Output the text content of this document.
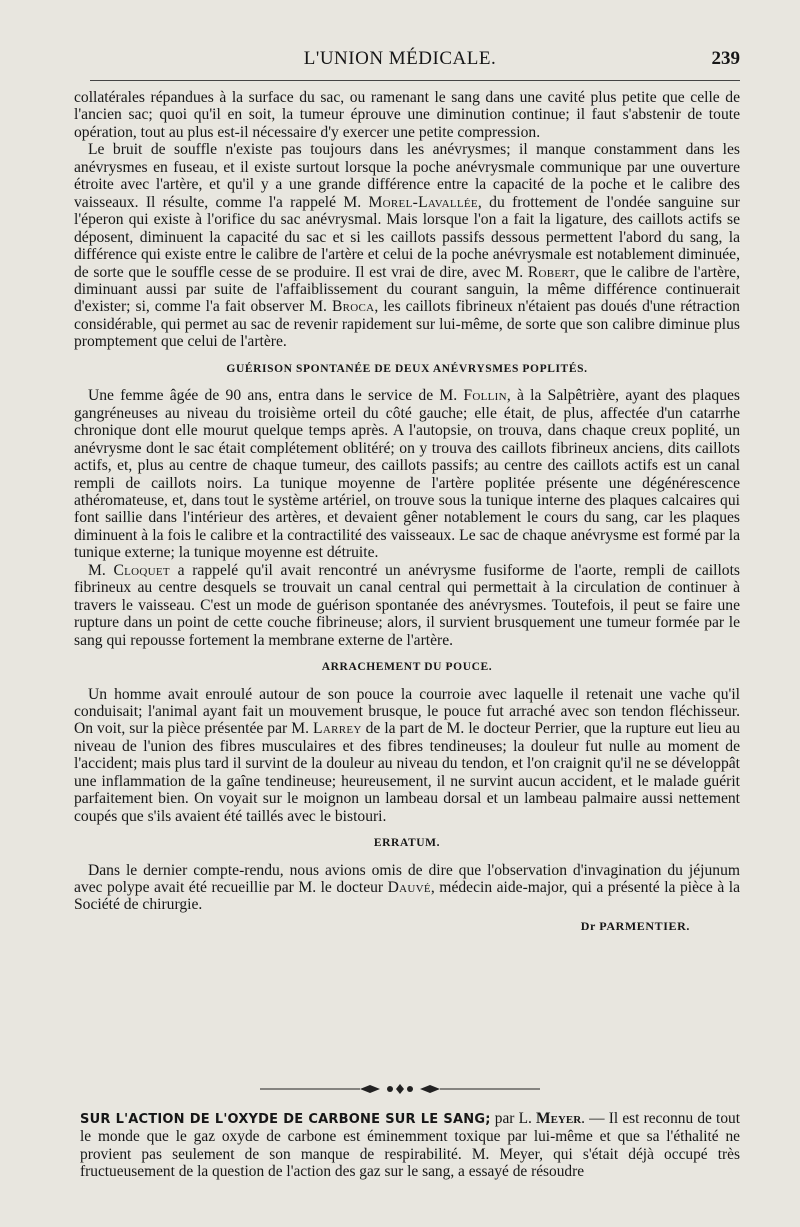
L'UNION MÉDICALE.	239

collatérales répandues à la surface du sac, ou ramenant le sang dans une cavité plus petite que celle de l'ancien sac; quoi qu'il en soit, la tumeur éprouve une diminution continue; il faut s'abstenir de toute opération, tout au plus est-il nécessaire d'y exercer une petite compression.

Le bruit de souffle n'existe pas toujours dans les anévrysmes; il manque constamment dans les anévrysmes en fuseau, et il existe surtout lorsque la poche anévrysmale communique par une ouverture étroite avec l'artère, et qu'il y a une grande différence entre la capacité de la poche et le calibre des vaisseaux. Il résulte, comme l'a rappelé M. Morel-Lavallée, du frottement de l'ondée sanguine sur l'éperon qui existe à l'orifice du sac anévrysmal. Mais lorsque l'on a fait la ligature, des caillots actifs se déposent, diminuent la capacité du sac et si les caillots passifs dessous permettent l'abord du sang, la différence qui existe entre le calibre de l'artère et celui de la poche anévrysmale est notablement diminuée, de sorte que le souffle cesse de se produire. Il est vrai de dire, avec M. Robert, que le calibre de l'artère, diminuant aussi par suite de l'affaiblissement du courant sanguin, la même différence continuerait d'exister; si, comme l'a fait observer M. Broca, les caillots fibrineux n'étaient pas doués d'une rétraction considérable, qui permet au sac de revenir rapidement sur lui-même, de sorte que son calibre diminue plus promptement que celui de l'artère.

GUÉRISON SPONTANÉE DE DEUX ANÉVRYSMES POPLITÉS.

Une femme âgée de 90 ans, entra dans le service de M. Follin, à la Salpêtrière, ayant des plaques gangréneuses au niveau du troisième orteil du côté gauche; elle était, de plus, affectée d'un catarrhe chronique dont elle mourut quelque temps après. A l'autopsie, on trouva, dans chaque creux poplité, un anévrysme dont le sac était complétement oblitéré; on y trouva des caillots fibrineux anciens, dits caillots actifs, et, plus au centre de chaque tumeur, des caillots passifs; au centre des caillots actifs est un canal rempli de caillots noirs. La tunique moyenne de l'artère poplitée présente une dégénérescence athéromateuse, et, dans tout le système artériel, on trouve sous la tunique interne des plaques calcaires qui font saillie dans l'intérieur des artères, et devaient gêner notablement le cours du sang, car les plaques diminuent à la fois le calibre et la contractilité des vaisseaux. Le sac de chaque anévrysme est formé par la tunique externe; la tunique moyenne est détruite.

M. Cloquet a rappelé qu'il avait rencontré un anévrysme fusiforme de l'aorte, rempli de caillots fibrineux au centre desquels se trouvait un canal central qui permettait à la circulation de continuer à travers le vaisseau. C'est un mode de guérison spontanée des anévrysmes. Toutefois, il peut se faire une rupture dans un point de cette couche fibrineuse; alors, il survient brusquement une tumeur formée par le sang qui repousse fortement la membrane externe de l'artère.

ARRACHEMENT DU POUCE.

Un homme avait enroulé autour de son pouce la courroie avec laquelle il retenait une vache qu'il conduisait; l'animal ayant fait un mouvement brusque, le pouce fut arraché avec son tendon fléchisseur. On voit, sur la pièce présentée par M. Larrey de la part de M. le docteur Perrier, que la rupture eut lieu au niveau de l'union des fibres musculaires et des fibres tendineuses; la douleur fut nulle au moment de l'accident; mais plus tard il survint de la douleur au niveau du tendon, et l'on craignit qu'il ne se développât une inflammation de la gaîne tendineuse; heureusement, il ne survint aucun accident, et le malade guérit parfaitement bien. On voyait sur le moignon un lambeau dorsal et un lambeau palmaire aussi nettement coupés que s'ils avaient été taillés avec le bistouri.

ERRATUM.

Dans le dernier compte-rendu, nous avions omis de dire que l'observation d'invagination du jéjunum avec polype avait été recueillie par M. le docteur Dauvé, médecin aide-major, qui a présenté la pièce à la Société de chirurgie.

Dr PARMENTIER.
SUR L'ACTION DE L'OXYDE DE CARBONE SUR LE SANG; par L. Meyer. — Il est reconnu de tout le monde que le gaz oxyde de carbone est éminemment toxique par lui-même et que sa l'éthalité ne provient pas seulement de son manque de respirabilité. M. Meyer, qui s'était déjà occupé très fructueusement de la question de l'action des gaz sur le sang, a essayé de résoudre
